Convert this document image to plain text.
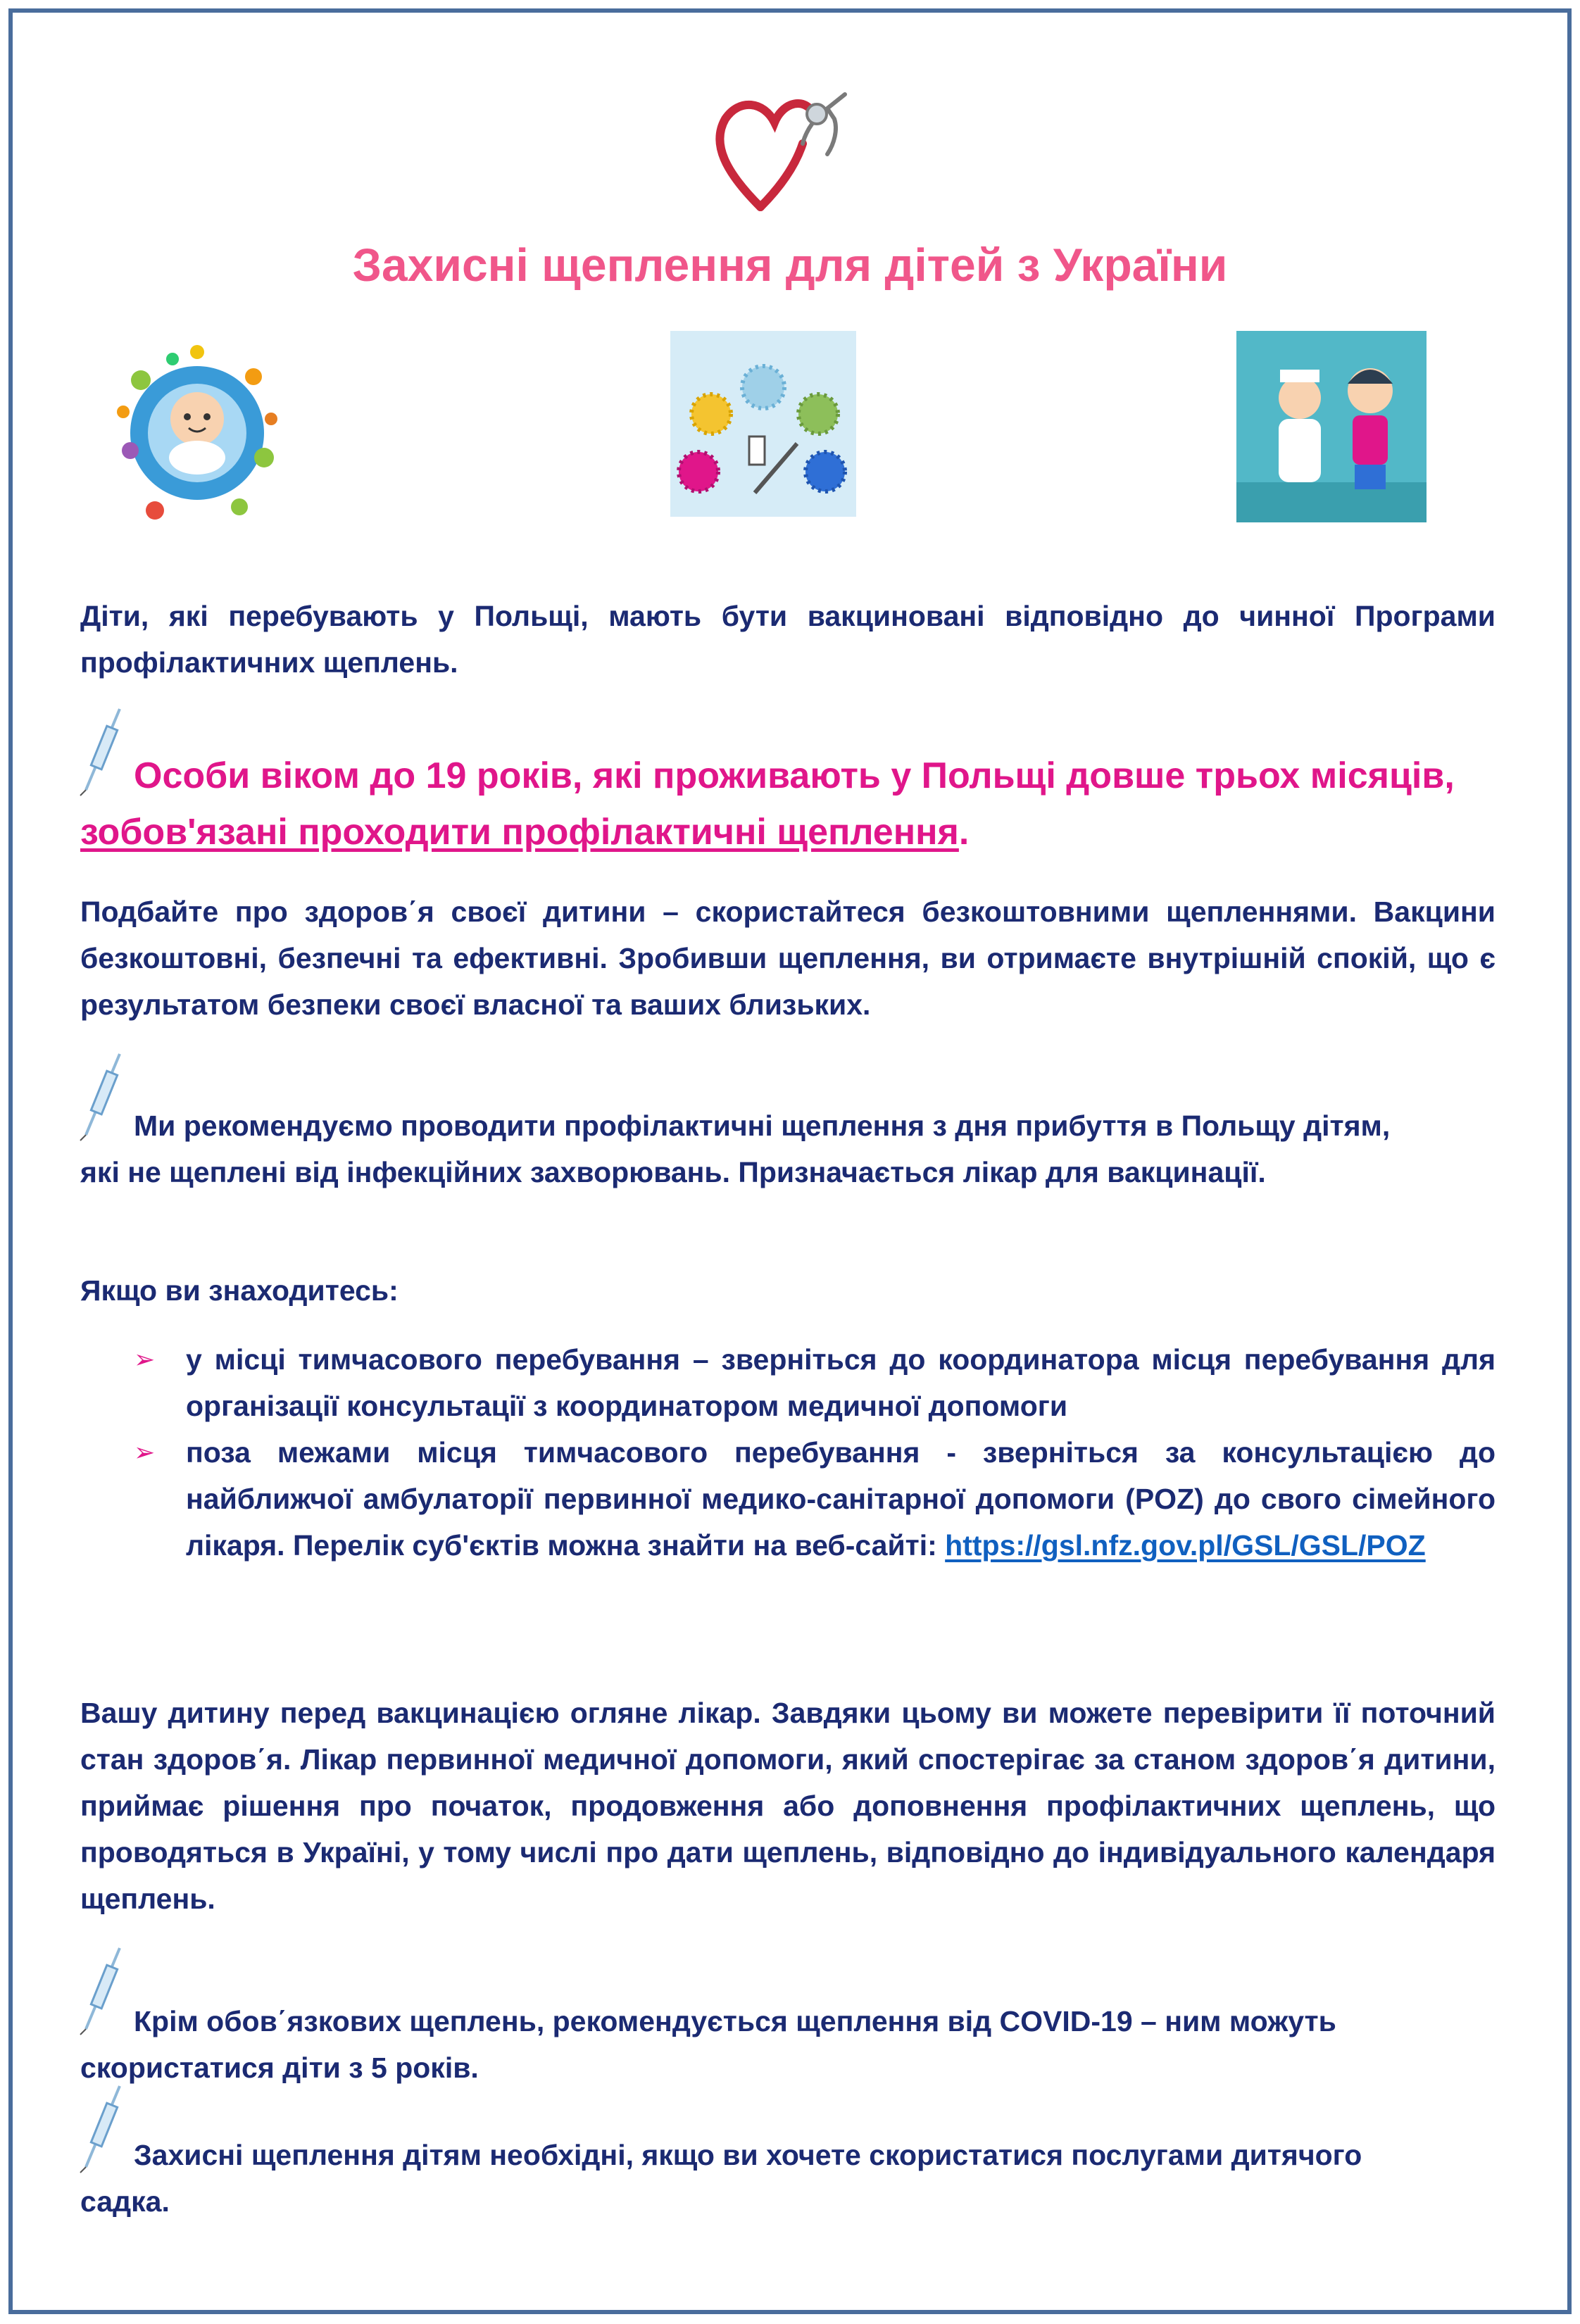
Захисні щеплення для дітей з України
Діти, які перебувають у Польщі, мають бути вакциновані відповідно до чинної Програми профілактичних щеплень.
Особи віком до 19 років, які проживають у Польщі довше трьох місяців, зобов'язані проходити профілактичні щеплення.
Подбайте про здоров΄я своєї дитини – скористайтеся безкоштовними щепленнями. Вакцини безкоштовні, безпечні та ефективні. Зробивши щеплення, ви отримаєте внутрішній спокій, що є результатом безпеки своєї власної та ваших близьких.
Ми рекомендуємо проводити профілактичні щеплення з дня прибуття в Польщу дітям, які не щеплені від інфекційних захворювань. Призначається лікар для вакцинації.
Якщо ви знаходитесь:
➢ у місці тимчасового перебування – зверніться до координатора місця перебування для організації консультації з координатором медичної допомоги
➢ поза межами місця тимчасового перебування - зверніться за консультацією до найближчої амбулаторії первинної медико-санітарної допомоги (POZ) до свого сімейного лікаря. Перелік суб'єктів можна знайти на веб-сайті: https://gsl.nfz.gov.pl/GSL/GSL/POZ
Вашу дитину перед вакцинацією огляне лікар. Завдяки цьому ви можете перевірити її поточний стан здоров΄я. Лікар первинної медичної допомоги, який спостерігає за станом здоров΄я дитини, приймає рішення про початок, продовження або доповнення профілактичних щеплень, що проводяться в Україні, у тому числі про дати щеплень, відповідно до індивідуального календаря щеплень.
Крім обов΄язкових щеплень, рекомендується щеплення від COVID-19 – ним можуть скористатися діти з 5 років.
Захисні щеплення дітям необхідні, якщо ви хочете скористатися послугами дитячого садка.
